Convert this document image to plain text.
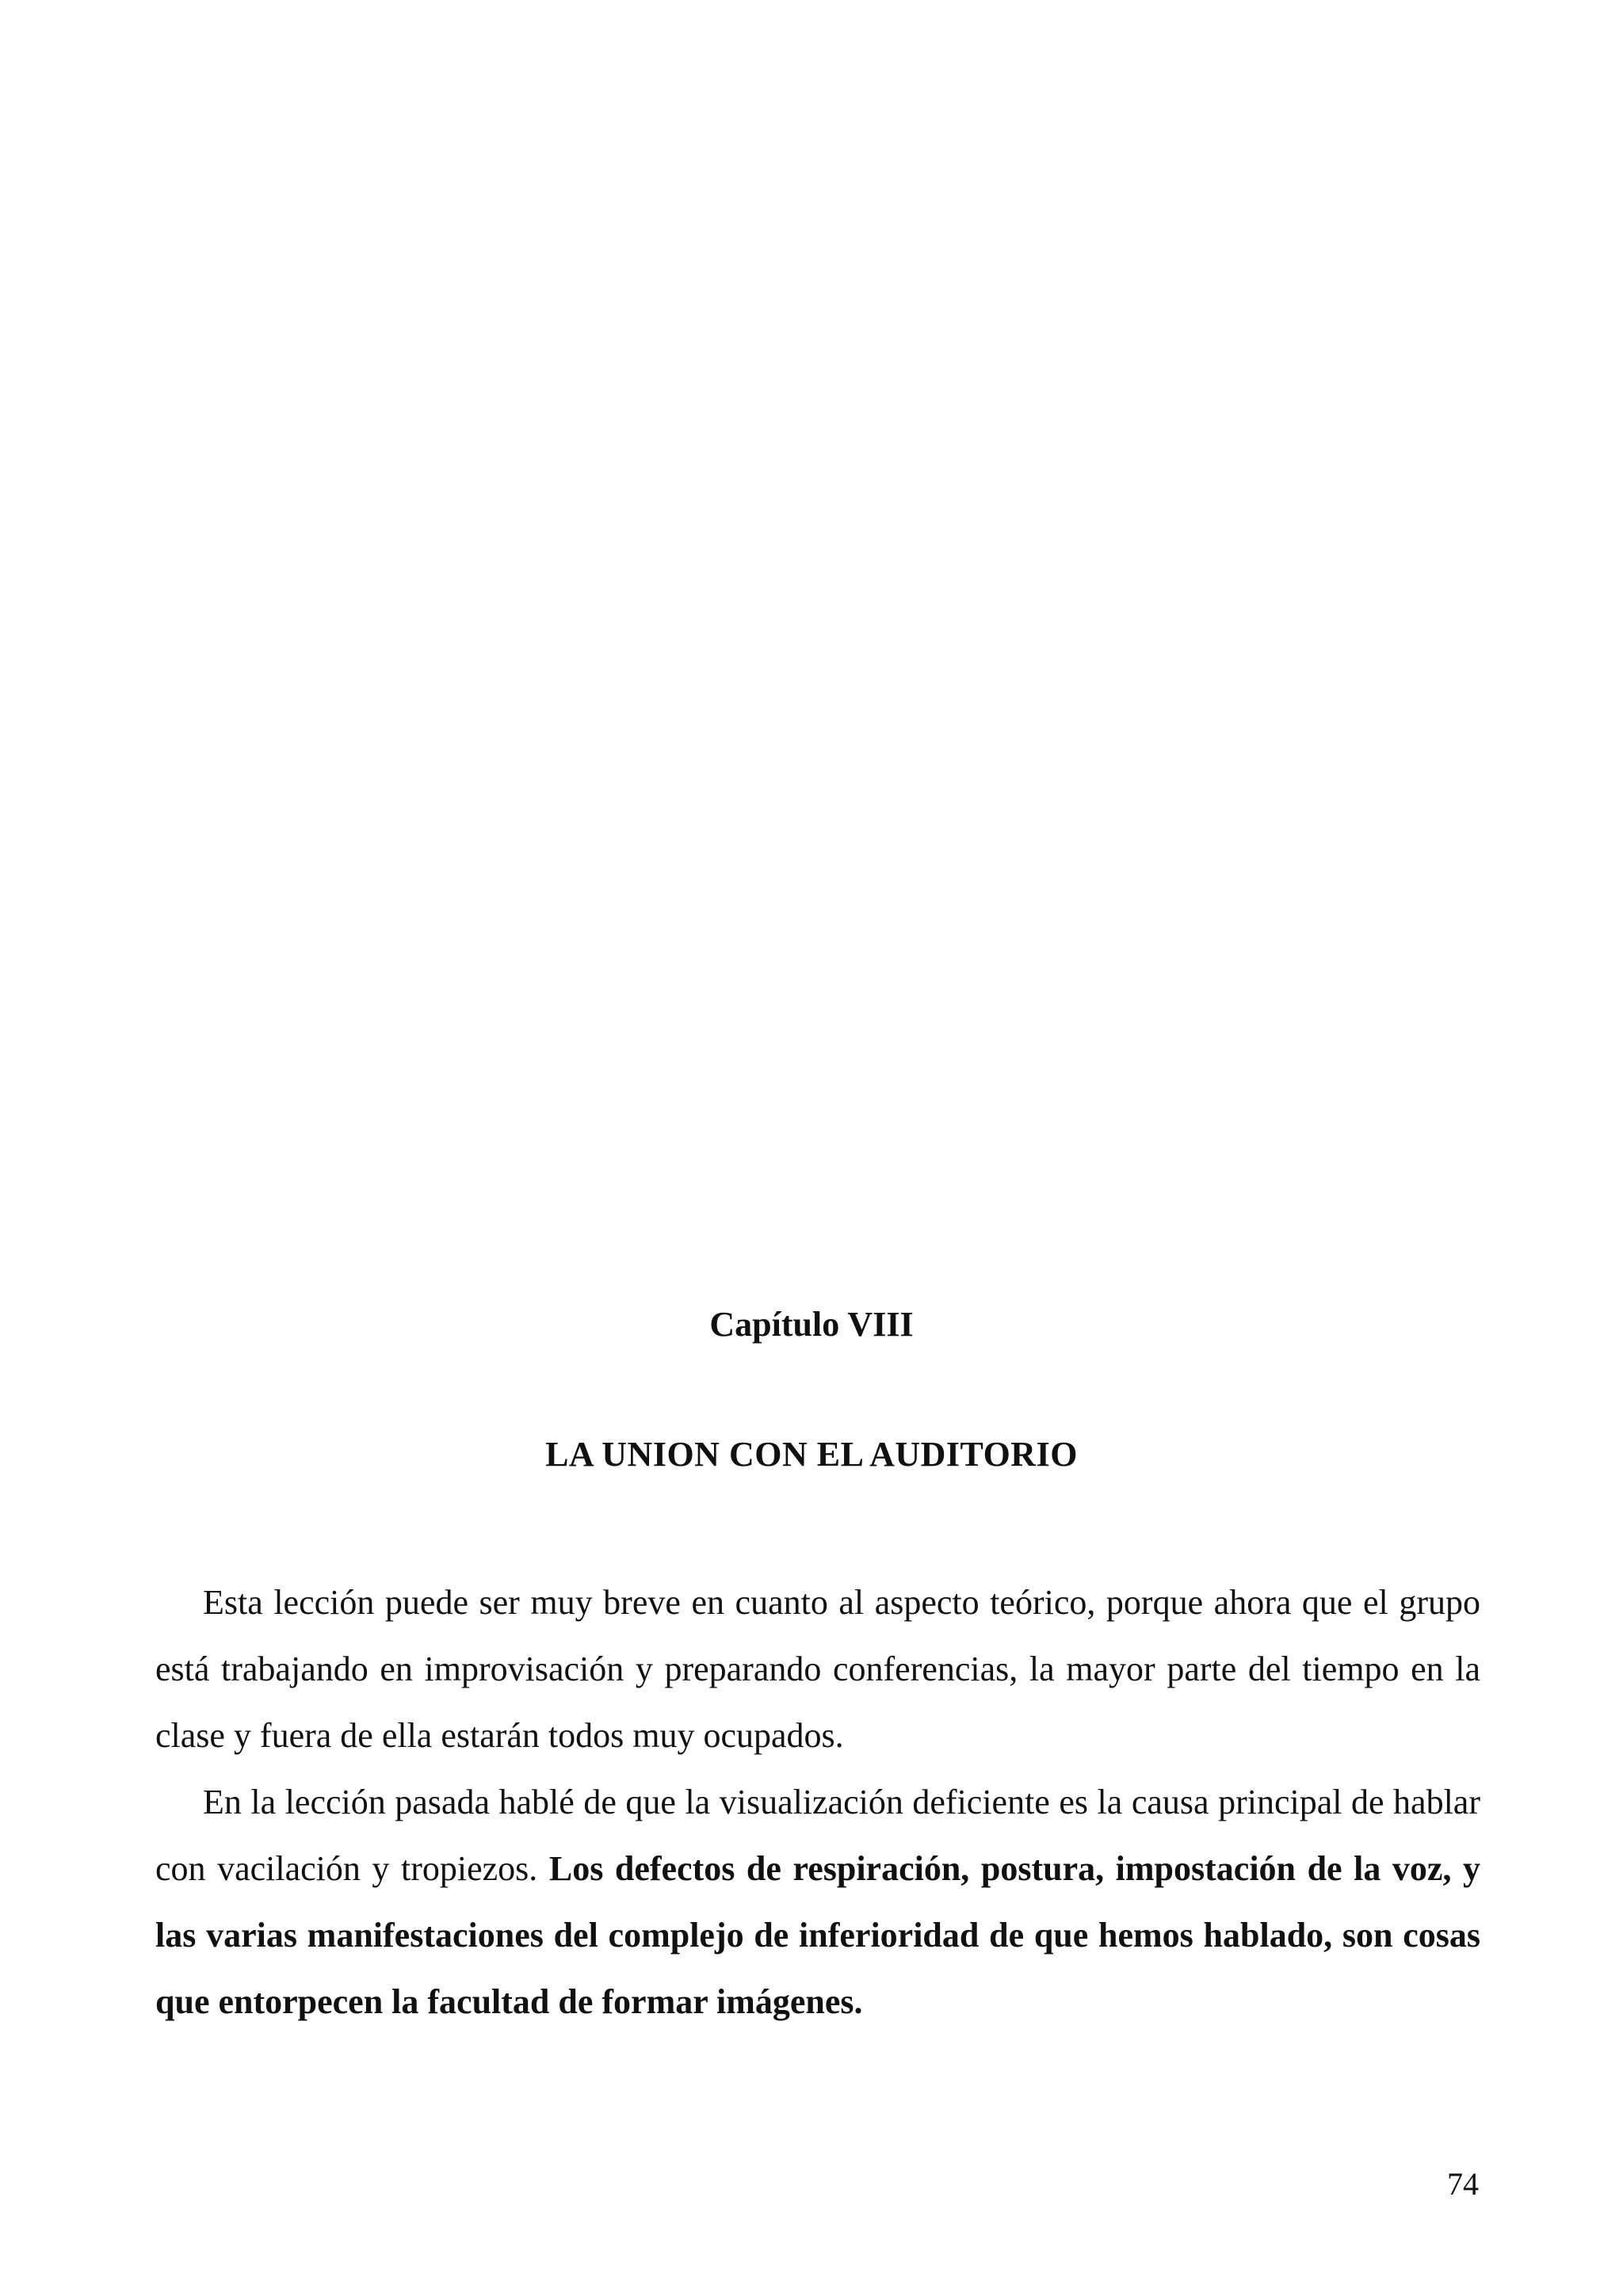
Capítulo VIII
LA UNION CON EL AUDITORIO

Esta lección puede ser muy breve en cuanto al aspecto teórico, porque ahora que el grupo está trabajando en improvisación y preparando conferencias, la mayor parte del tiempo en la clase y fuera de ella estarán todos muy ocupados.

En la lección pasada hablé de que la visualización deficiente es la causa principal de hablar con vacilación y tropiezos. Los defectos de respiración, postura, impostación de la voz, y las varias manifestaciones del complejo de inferioridad de que hemos hablado, son cosas que entorpecen la facultad de formar imágenes.

74
